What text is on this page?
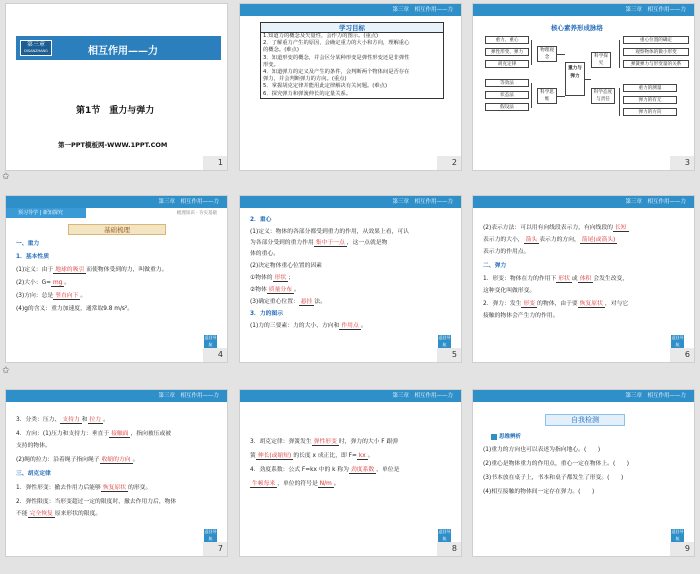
第三章
DISANZHANG	相互作用——力
第1节　重力与弹力
第一PPT模板网-WWW.1PPT.COM
1
✩
第三章　相互作用——力
学习目标
1.知道力的概念及矢量性，会作力的图示。(重点)
2．了解重力产生的原因，会确定重力的大小和方向，理解重心
的概念。(难点)
3．知道形变的概念，并会区分某种形变是弹性形变还是非弹性
形变。
4．知道弹力的定义及产生的条件，会判断两个物体间是否存在
弹力，并会判断弹力的方向。(重点)
5．掌握胡克定律并能用此定律解决有关问题。(难点)
6．探究弹力和弹簧伸长的定量关系。
2
第三章　相互作用——力
核心素养形成脉络
重力、重心
弹性形变、弹力
胡克定律
等效法
状态法
假设法
物理观念
科学思维
重力与弹力
科学探究
科学态度与责任
重心位置的确定
观察物体的微小形变
弹簧弹力与形变量的关系
重力的测量
弹力的有无
弹力的方向
3
第三章　相互作用——力
预习导学 | 新知探究	梳理知识 · 夯实基础
基础梳理
一、重力
1．基本性质
(1)定义：由于 地球的吸引 而使物体受到的力，叫做重力。
(2)大小：G= mg 。
(3)方向：总是 竖直向下 。
(4)g的含义：重力加速度，通常取9.8 m/s²。
返回导航
4
✩
第三章　相互作用——力
2．重心
(1)定义：物体的各部分都受到重力的作用，从效果上看，可认
为各部分受到的重力作用 集中于一点 ，这一点就是物
体的重心。
(2)决定物体重心位置的因素
①物体的 形状 ；
②物体 质量分布 。
(3)确定重心位置： 悬挂 法。
3．力的图示
(1)力的三要素：力的大小、方向和 作用点 。
返回导航
5
第三章　相互作用——力
(2)表示方法：可以用有向线段表示力，有向线段的 长短
表示力的大小， 箭头 表示力的方向， 箭尾(或箭头)
表示力的作用点。
二、弹力
1．形变：物体在力的作用下 形状 或 体积 会发生改变，
这种变化叫做形变。
2．弹力：发生 形变 的物体，由于要 恢复原状 ，对与它
接触的物体会产生力的作用。
返回导航
6
第三章　相互作用——力
3．分类：压力、 支持力 和 拉力 。
4．方向：(1)压力和支持力：垂直于 接触面 ，指向被压或被
支持的物体。
(2)绳的拉力：沿着绳子指向绳子 收缩的方向 。
三、胡克定律
1．弹性形变：撤去作用力后能够 恢复原状 的形变。
2．弹性限度：当形变超过一定的限度时，撤去作用力后，物体
不能 完全恢复 原来形状的限度。
返回导航
7
第三章　相互作用——力
3．胡克定律：弹簧发生 弹性形变 时，弹力的大小 F 跟弹
簧 伸长(或缩短) 的长度 x 成正比，即 F= kx 。
4．劲度系数：公式 F=kx 中的 k 称为 劲度系数 ，单位是
牛顿每米 ，单位的符号是 N/m 。
返回导航
8
第三章　相互作用——力
自我检测
思维辨析
(1)重力的方向也可以表述为指向地心。(　　)
(2)重心是物体重力的作用点，重心一定在物体上。(　　)
(3)书本放在桌子上，书本和桌子都发生了形变。(　　)
(4)相互接触的物体间一定存在弹力。(　　)
返回导航
9
